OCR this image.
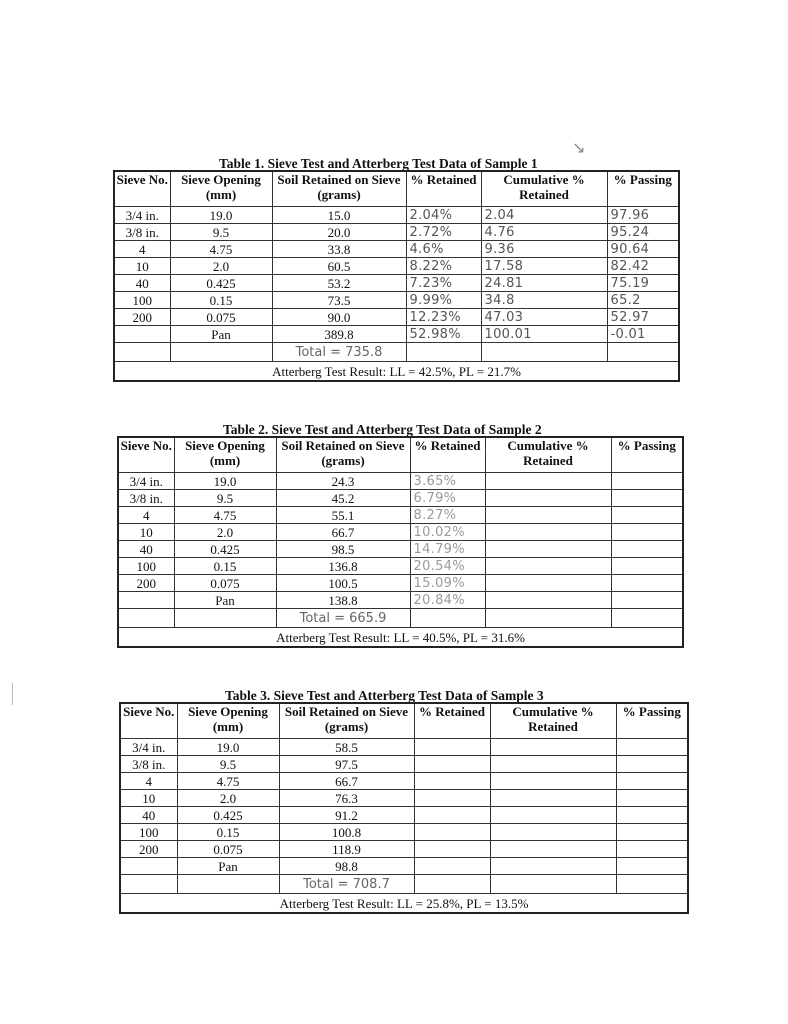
↘
Table 1. Sieve Test and Atterberg Test Data of Sample 1
Sieve No.	Sieve Opening (mm)	Soil Retained on Sieve (grams)	% Retained	Cumulative % Retained	% Passing
3/4 in.	19.0	15.0	2.04%	2.04	97.96
3/8 in.	9.5	20.0	2.72%	4.76	95.24
4	4.75	33.8	4.6%	9.36	90.64
10	2.0	60.5	8.22%	17.58	82.42
40	0.425	53.2	7.23%	24.81	75.19
100	0.15	73.5	9.99%	34.8	65.2
200	0.075	90.0	12.23%	47.03	52.97
	Pan	389.8	52.98%	100.01	-0.01
		Total = 735.8			
Atterberg Test Result: LL = 42.5%, PL = 21.7%					
Table 2. Sieve Test and Atterberg Test Data of Sample 2
Sieve No.	Sieve Opening (mm)	Soil Retained on Sieve (grams)	% Retained	Cumulative % Retained	% Passing
3/4 in.	19.0	24.3	3.65%		
3/8 in.	9.5	45.2	6.79%		
4	4.75	55.1	8.27%		
10	2.0	66.7	10.02%		
40	0.425	98.5	14.79%		
100	0.15	136.8	20.54%		
200	0.075	100.5	15.09%		
	Pan	138.8	20.84%		
		Total = 665.9			
Atterberg Test Result: LL = 40.5%, PL = 31.6%					
Table 3. Sieve Test and Atterberg Test Data of Sample 3
Sieve No.	Sieve Opening (mm)	Soil Retained on Sieve (grams)	% Retained	Cumulative % Retained	% Passing
3/4 in.	19.0	58.5			
3/8 in.	9.5	97.5			
4	4.75	66.7			
10	2.0	76.3			
40	0.425	91.2			
100	0.15	100.8			
200	0.075	118.9			
	Pan	98.8			
		Total = 708.7			
Atterberg Test Result: LL = 25.8%, PL = 13.5%					
